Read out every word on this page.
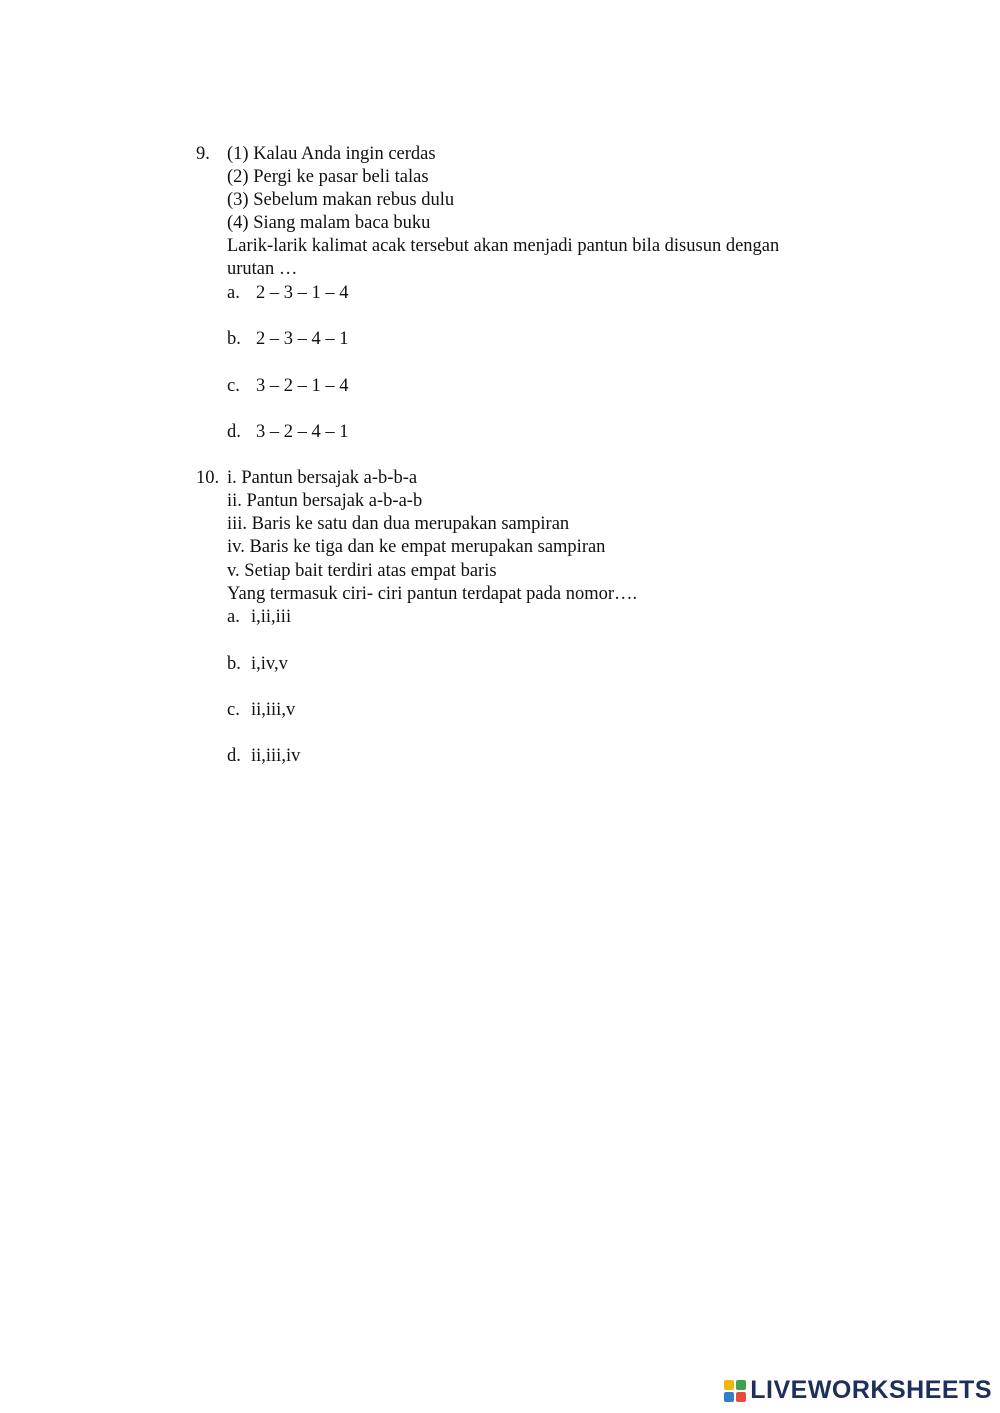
9. (1) Kalau Anda ingin cerdas
(2) Pergi ke pasar beli talas
(3) Sebelum makan rebus dulu
(4) Siang malam baca buku
Larik-larik kalimat acak tersebut akan menjadi pantun bila disusun dengan
urutan …
a. 2 – 3 – 1 – 4
b. 2 – 3 – 4 – 1
c. 3 – 2 – 1 – 4
d. 3 – 2 – 4 – 1
10. i. Pantun bersajak a-b-b-a
ii. Pantun bersajak a-b-a-b
iii. Baris ke satu dan dua merupakan sampiran
iv. Baris ke tiga dan ke empat merupakan sampiran
v. Setiap bait terdiri atas empat baris
Yang termasuk ciri- ciri pantun terdapat pada nomor….
a. i,ii,iii
b. i,iv,v
c. ii,iii,v
d. ii,iii,iv
LIVEWORKSHEETS
